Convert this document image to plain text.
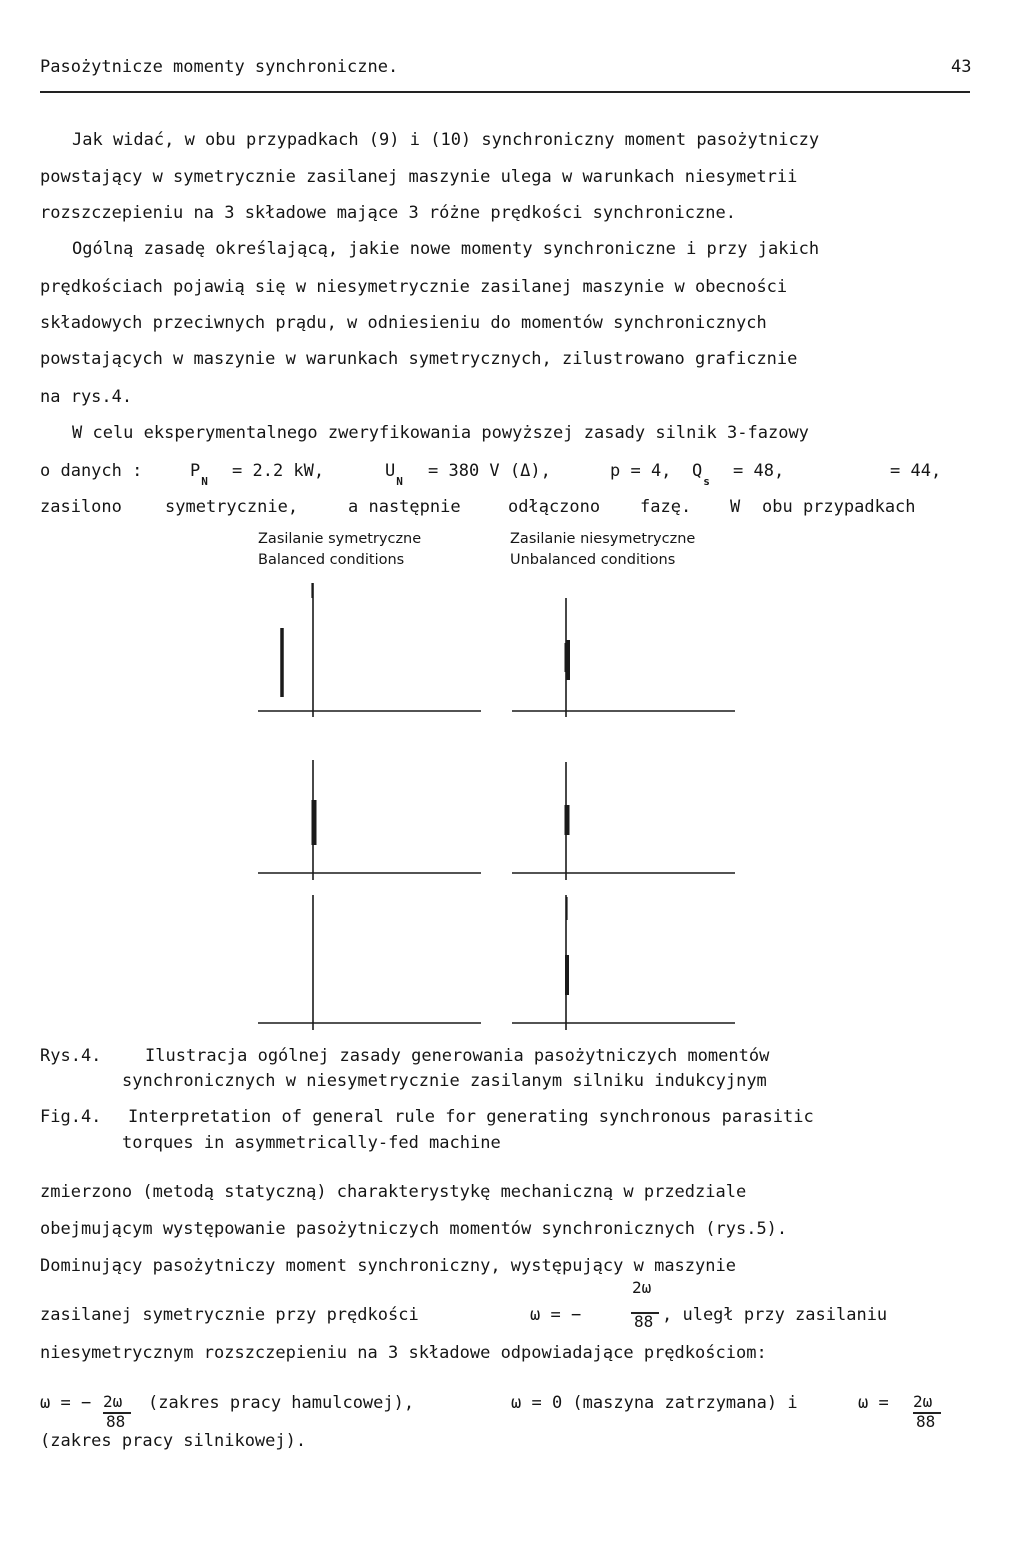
Pasożytnicze momenty synchroniczne.	43
Jak widać, w obu przypadkach (9) i (10) synchroniczny moment pasożytniczy
powstający w symetrycznie zasilanej maszynie ulega w warunkach niesymetrii
rozszczepieniu na 3 składowe mające 3 różne prędkości synchroniczne.
Ogólną zasadę określającą, jakie nowe momenty synchroniczne i przy jakich
prędkościach pojawią się w niesymetrycznie zasilanej maszynie w obecności
składowych przeciwnych prądu, w odniesieniu do momentów synchronicznych
powstających w maszynie w warunkach symetrycznych, zilustrowano graficznie
na rys.4.
W celu eksperymentalnego zweryfikowania powyższej zasady silnik 3-fazowy
o danych :	$P_N$
= 2.2 kW,	$U_N$
= 380 V (Δ),	p = 4, $Q_s$
= 48,	= 44,
zasilono	symetrycznie,	a następnie	odłączono fazę. W obu przypadkach
Zasilanie symetryczne
Balanced conditions
Zasilanie niesymetryczne
Unbalanced conditions
Rys.4.	Ilustracja ogólnej zasady generowania pasożytniczych momentów
synchronicznych w niesymetrycznie zasilanym silniku indukcyjnym
Fig.4. Interpretation of general rule for generating synchronous parasitic
torques in asymmetrically-fed machine
zmierzono (metodą statyczną) charakterystykę mechaniczną w przedziale
obejmującym występowanie pasożytniczych momentów synchronicznych (rys.5).
Dominujący pasożytniczy moment synchroniczny, występujący w maszynie
2ω
88
zasilanej symetrycznie przy prędkości	ω = −	, uległ przy zasilaniu
niesymetrycznym rozszczepieniu na 3 składowe odpowiadające prędkościom:
2ω
88
2ω
88
ω = −	(zakres pracy hamulcowej),	ω = 0 (maszyna zatrzymana) i	ω =
(zakres pracy silnikowej).
